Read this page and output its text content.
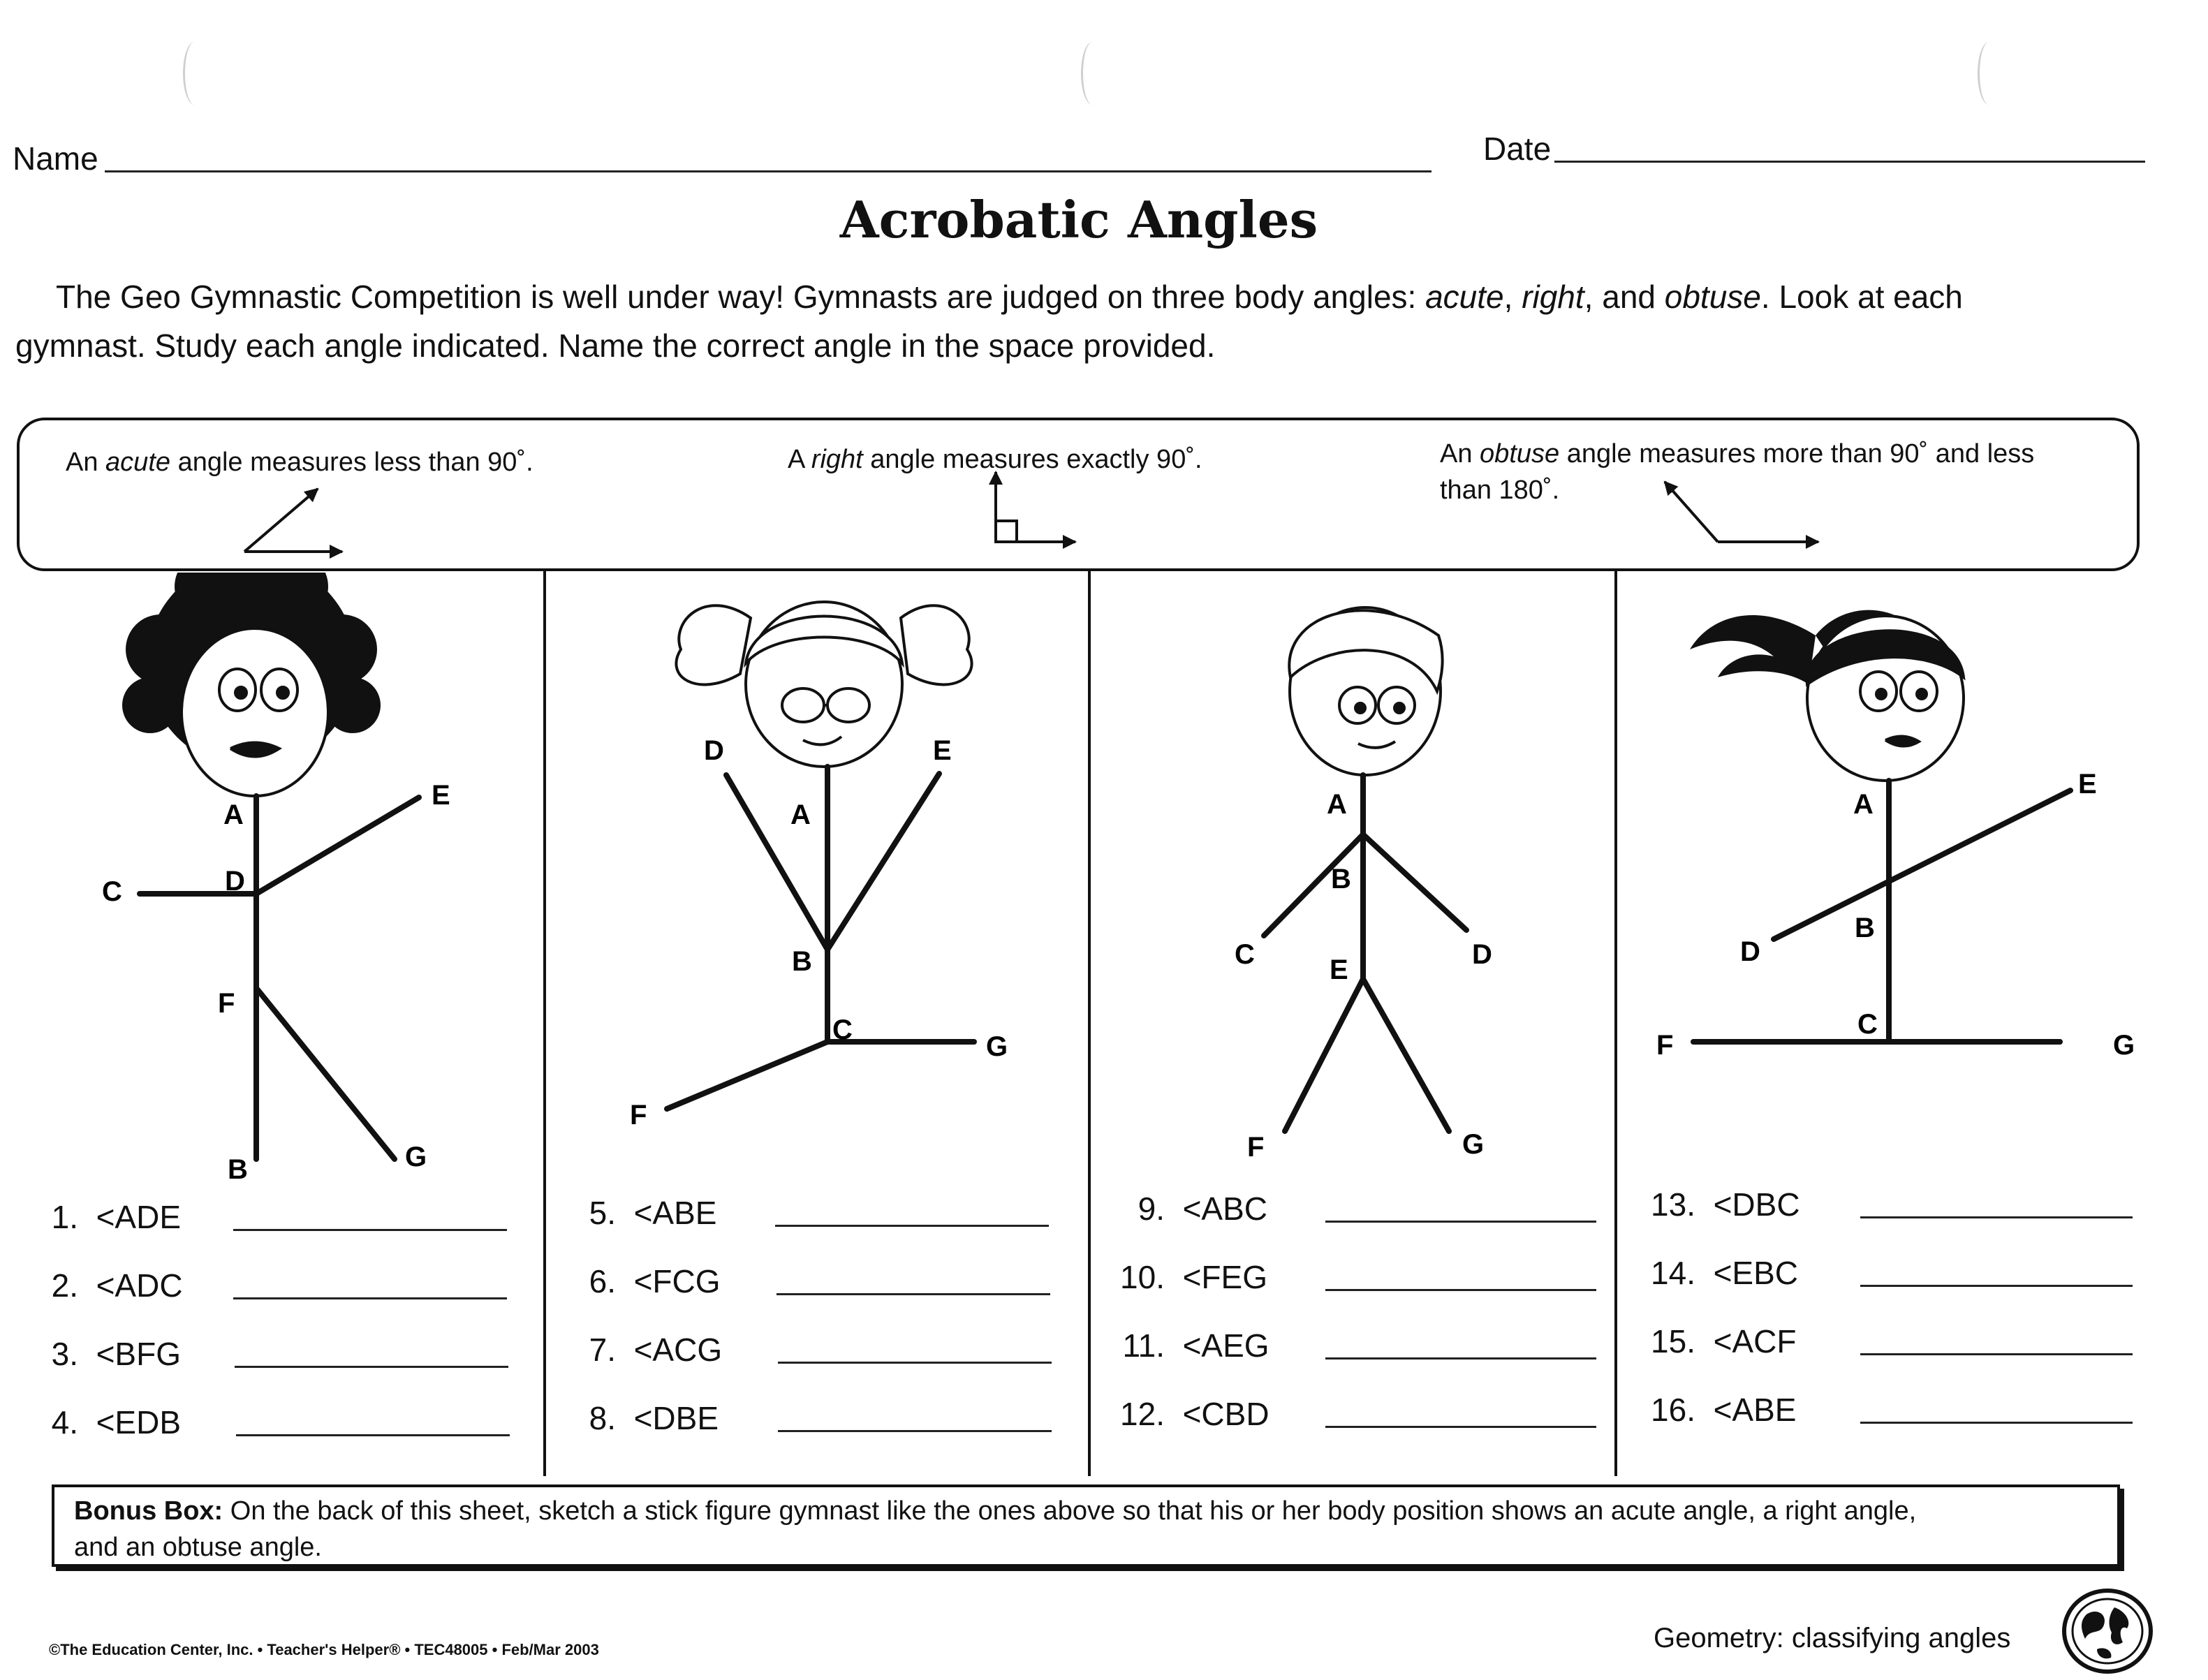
Name	Date
Acrobatic Angles
The Geo Gymnastic Competition is well under way! Gymnasts are judged on three body angles: acute, right, and obtuse. Look at each
gymnast. Study each angle indicated. Name the correct angle in the space provided.
An acute angle measures less than 90˚.	A right angle measures exactly 90˚.	An obtuse angle measures more than 90˚ and less
than 180˚.
A
D
C
E
F
G
B
D	E
A
B
C
G
F
A
B
C	D
E
F	G
A
E
D
B
C
F	G
1. <ADE
2. <ADC
3. <BFG
4. <EDB
5. <ABE
6. <FCG
7. <ACG
8. <DBE
9. <ABC
10. <FEG
11. <AEG
12. <CBD
13. <DBC
14. <EBC
15. <ACF
16. <ABE
Bonus Box: On the back of this sheet, sketch a stick figure gymnast like the ones above so that his or her body position shows an acute angle, a right angle,
and an obtuse angle.
©The Education Center, Inc. • Teacher's Helper® • TEC48005 • Feb/Mar 2003	Geometry: classifying angles
